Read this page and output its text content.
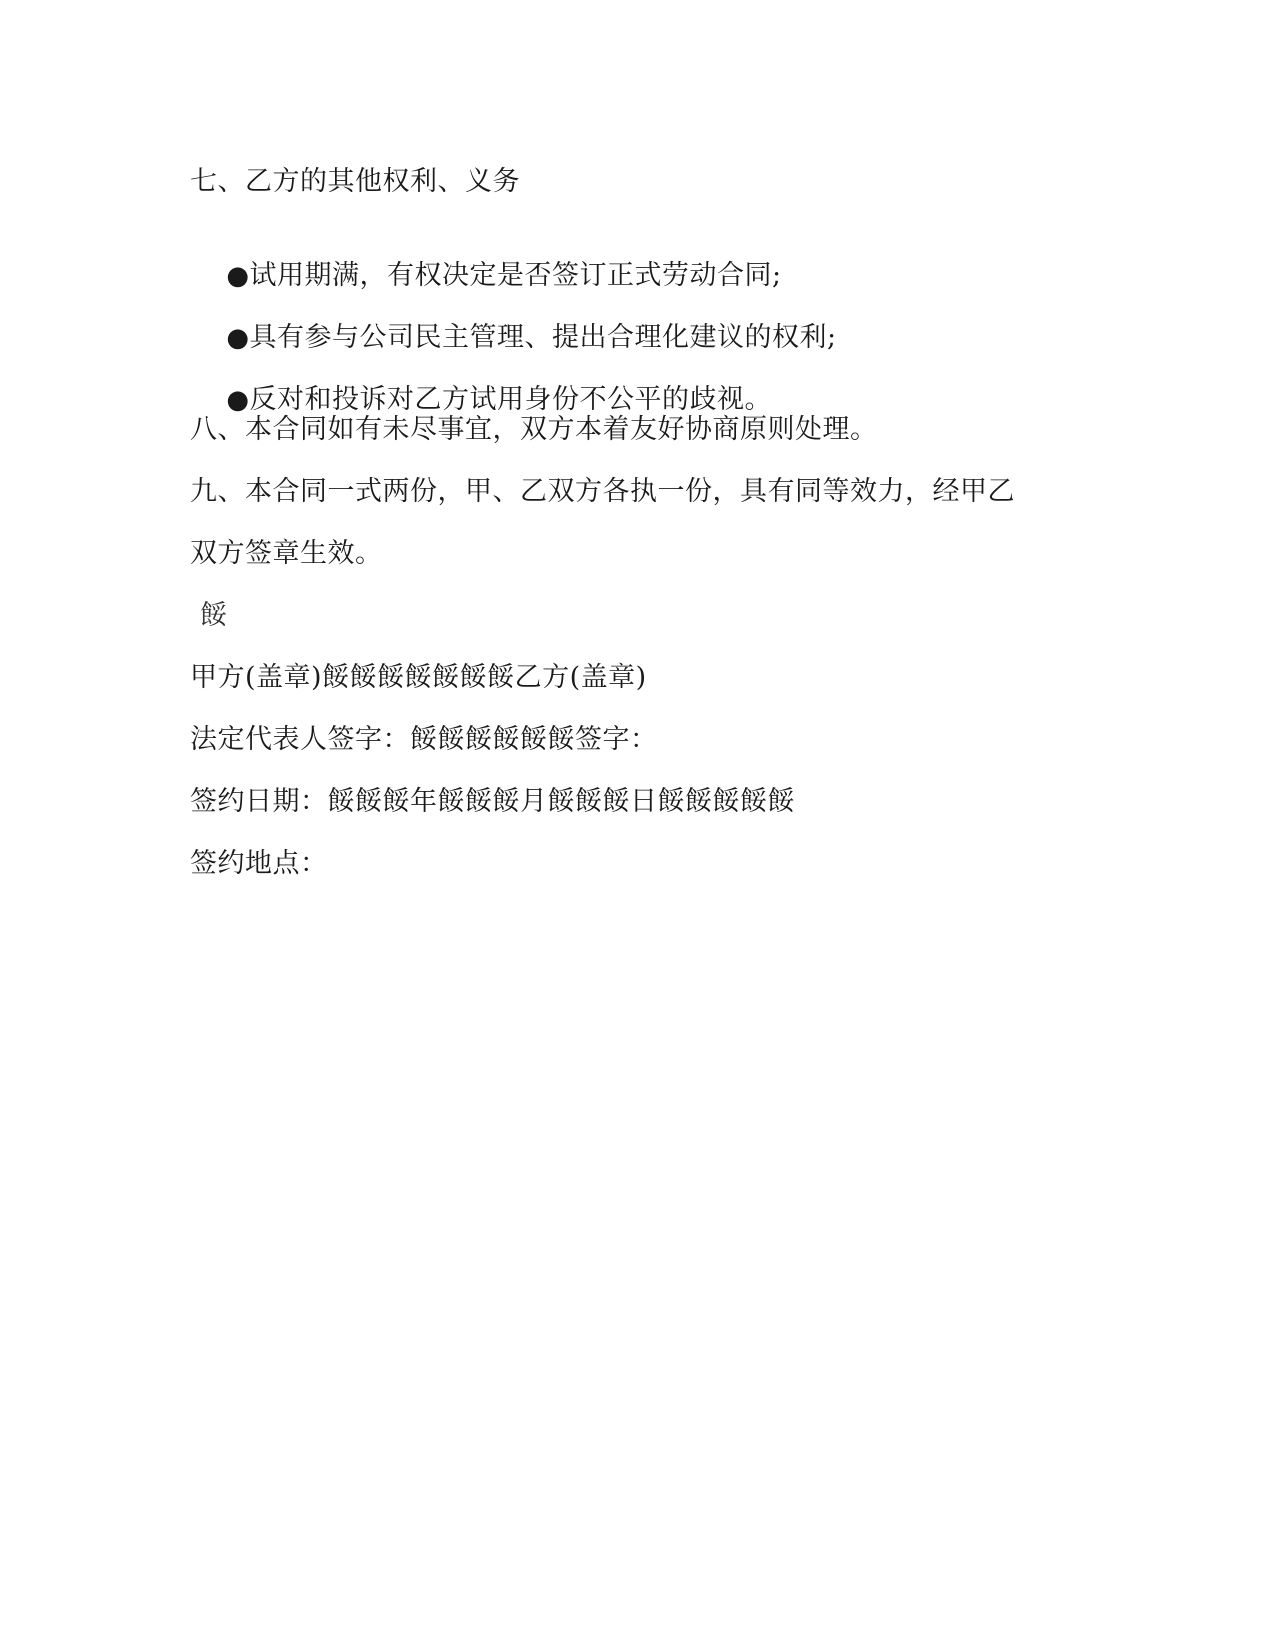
七、乙方的其他权利、义务

●试用期满，有权决定是否签订正式劳动合同;

●具有参与公司民主管理、提出合理化建议的权利;

●反对和投诉对乙方试用身份不公平的歧视。

八、本合同如有未尽事宜，双方本着友好协商原则处理。
九、本合同一式两份，甲、乙双方各执一份，具有同等效力，经甲乙
双方签章生效。
餒
甲方(盖章)餒餒餒餒餒餒餒乙方(盖章)
法定代表人签字：餒餒餒餒餒餒签字：
签约日期：餒餒餒年餒餒餒月餒餒餒日餒餒餒餒餒
签约地点：
